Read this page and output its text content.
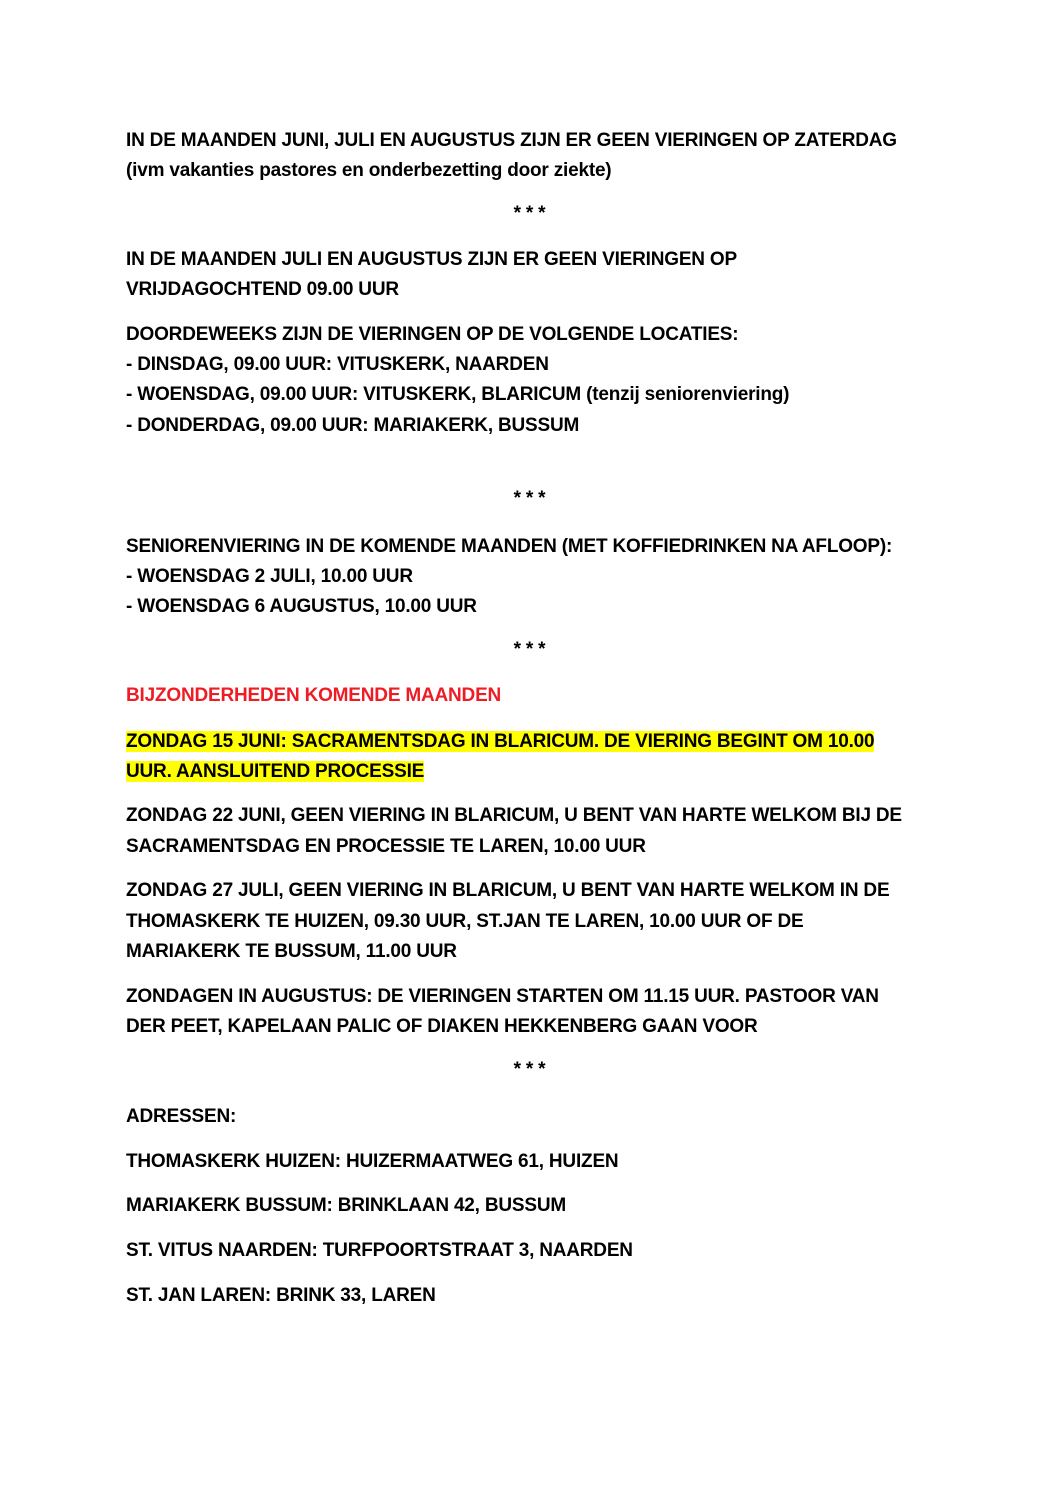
IN DE MAANDEN JUNI, JULI EN AUGUSTUS ZIJN ER GEEN VIERINGEN OP ZATERDAG
(ivm vakanties pastores en onderbezetting door ziekte)
* * *
IN DE MAANDEN JULI EN AUGUSTUS ZIJN ER GEEN VIERINGEN OP
VRIJDAGOCHTEND 09.00 UUR
DOORDEWEEKS ZIJN DE VIERINGEN OP DE VOLGENDE LOCATIES:
- DINSDAG, 09.00 UUR: VITUSKERK, NAARDEN
- WOENSDAG, 09.00 UUR: VITUSKERK, BLARICUM (tenzij seniorenviering)
- DONDERDAG, 09.00 UUR: MARIAKERK, BUSSUM
* * *
SENIORENVIERING IN DE KOMENDE MAANDEN (MET KOFFIEDRINKEN NA AFLOOP):
- WOENSDAG 2 JULI, 10.00 UUR
- WOENSDAG 6 AUGUSTUS, 10.00 UUR
* * *
BIJZONDERHEDEN KOMENDE MAANDEN
ZONDAG 15 JUNI: SACRAMENTSDAG IN BLARICUM. DE VIERING BEGINT OM 10.00
UUR. AANSLUITEND PROCESSIE
ZONDAG 22 JUNI, GEEN VIERING IN BLARICUM, U BENT VAN HARTE WELKOM BIJ DE
SACRAMENTSDAG EN PROCESSIE TE LAREN, 10.00 UUR
ZONDAG 27 JULI, GEEN VIERING IN BLARICUM, U BENT VAN HARTE WELKOM IN DE
THOMASKERK TE HUIZEN, 09.30 UUR, ST.JAN TE LAREN, 10.00 UUR OF DE
MARIAKERK TE BUSSUM, 11.00 UUR
ZONDAGEN IN AUGUSTUS: DE VIERINGEN STARTEN OM 11.15 UUR. PASTOOR VAN
DER PEET, KAPELAAN PALIC OF DIAKEN HEKKENBERG GAAN VOOR
* * *
ADRESSEN:
THOMASKERK HUIZEN: HUIZERMAATWEG 61, HUIZEN
MARIAKERK BUSSUM: BRINKLAAN 42, BUSSUM
ST. VITUS NAARDEN: TURFPOORTSTRAAT 3, NAARDEN
ST. JAN LAREN: BRINK 33, LAREN
